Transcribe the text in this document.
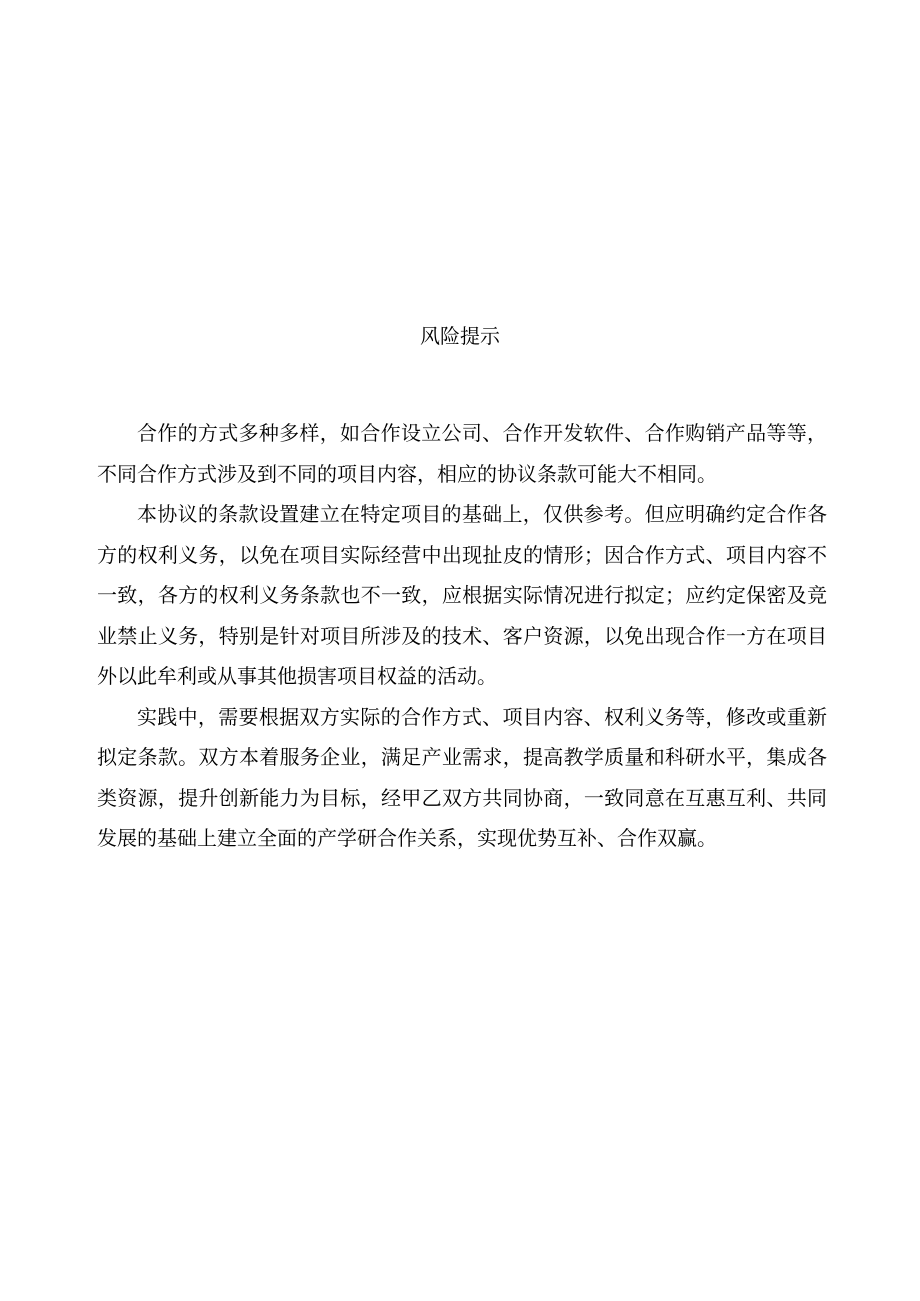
风险提示

合作的方式多种多样，如合作设立公司、合作开发软件、合作购销产品等等，不同合作方式涉及到不同的项目内容，相应的协议条款可能大不相同。

本协议的条款设置建立在特定项目的基础上，仅供参考。但应明确约定合作各方的权利义务，以免在项目实际经营中出现扯皮的情形；因合作方式、项目内容不一致，各方的权利义务条款也不一致，应根据实际情况进行拟定；应约定保密及竞业禁止义务，特别是针对项目所涉及的技术、客户资源，以免出现合作一方在项目外以此牟利或从事其他损害项目权益的活动。

实践中，需要根据双方实际的合作方式、项目内容、权利义务等，修改或重新拟定条款。双方本着服务企业，满足产业需求，提高教学质量和科研水平，集成各类资源，提升创新能力为目标，经甲乙双方共同协商，一致同意在互惠互利、共同发展的基础上建立全面的产学研合作关系，实现优势互补、合作双赢。
